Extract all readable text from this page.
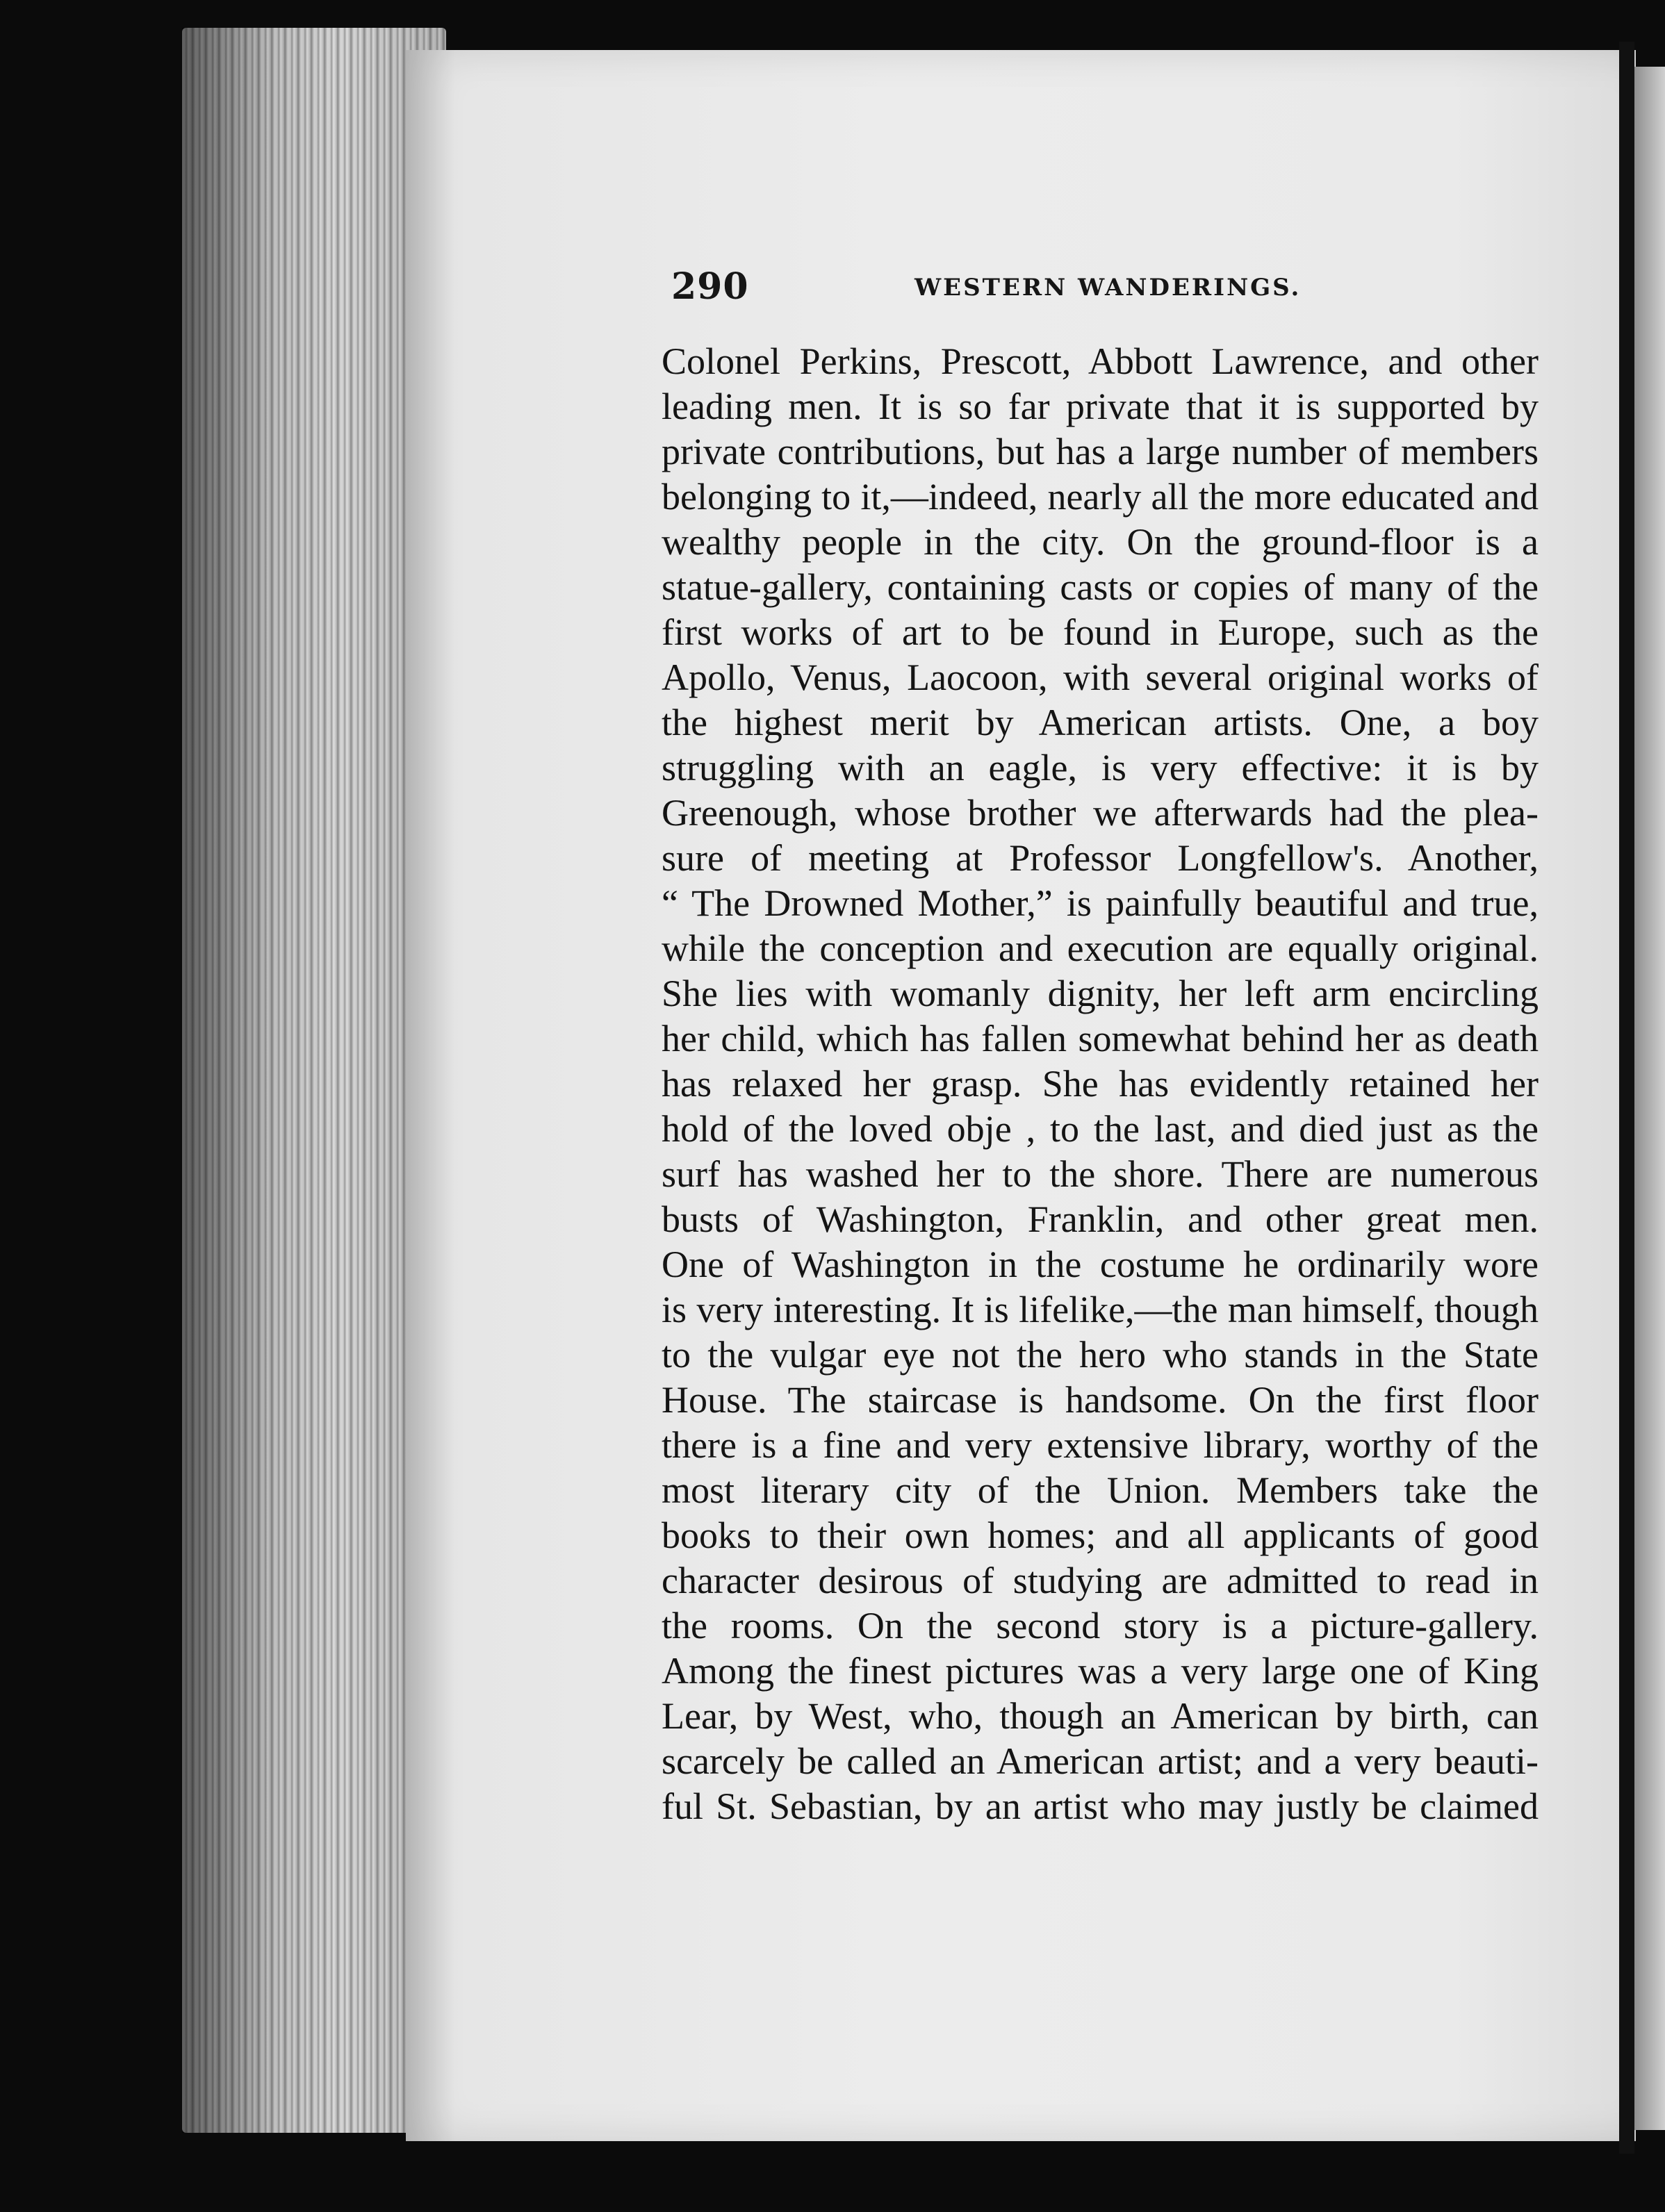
290	WESTERN WANDERINGS.
Colonel Perkins, Prescott, Abbott Lawrence, and other
leading men. It is so far private that it is supported by
private contributions, but has a large number of members
belonging to it,—indeed, nearly all the more educated and
wealthy people in the city. On the ground-floor is a
statue-gallery, containing casts or copies of many of the
first works of art to be found in Europe, such as the
Apollo, Venus, Laocoon, with several original works of
the highest merit by American artists. One, a boy
struggling with an eagle, is very effective: it is by
Greenough, whose brother we afterwards had the plea-
sure of meeting at Professor Longfellow's. Another,
“ The Drowned Mother,” is painfully beautiful and true,
while the conception and execution are equally original.
She lies with womanly dignity, her left arm encircling
her child, which has fallen somewhat behind her as death
has relaxed her grasp. She has evidently retained her
hold of the loved obje , to the last, and died just as the
surf has washed her to the shore. There are numerous
busts of Washington, Franklin, and other great men.
One of Washington in the costume he ordinarily wore
is very interesting. It is lifelike,—the man himself, though
to the vulgar eye not the hero who stands in the State
House. The staircase is handsome. On the first floor
there is a fine and very extensive library, worthy of the
most literary city of the Union. Members take the
books to their own homes; and all applicants of good
character desirous of studying are admitted to read in
the rooms. On the second story is a picture-gallery.
Among the finest pictures was a very large one of King
Lear, by West, who, though an American by birth, can
scarcely be called an American artist; and a very beauti-
ful St. Sebastian, by an artist who may justly be claimed
